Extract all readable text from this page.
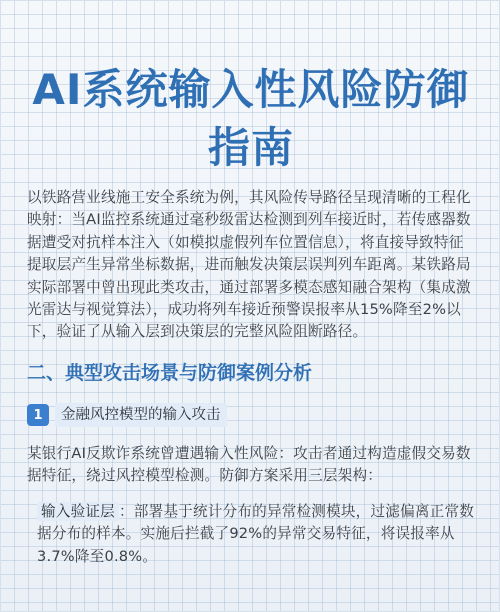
AI系统输入性风险防御指南

以铁路营业线施工安全系统为例，其风险传导路径呈现清晰的工程化映射：当AI监控系统通过毫秒级雷达检测到列车接近时，若传感器数据遭受对抗样本注入（如模拟虚假列车位置信息），将直接导致特征提取层产生异常坐标数据，进而触发决策层误判列车距离。某铁路局实际部署中曾出现此类攻击，通过部署多模态感知融合架构（集成激光雷达与视觉算法），成功将列车接近预警误报率从15%降至2%以下，验证了从输入层到决策层的完整风险阻断路径。

二、典型攻击场景与防御案例分析
1	金融风控模型的输入攻击

某银行AI反欺诈系统曾遭遇输入性风险：攻击者通过构造虚假交易数据特征，绕过风控模型检测。防御方案采用三层架构：

输入验证层 ：部署基于统计分布的异常检测模块，过滤偏离正常数据分布的样本。实施后拦截了92%的异常交易特征，将误报率从3.7%降至0.8%。
